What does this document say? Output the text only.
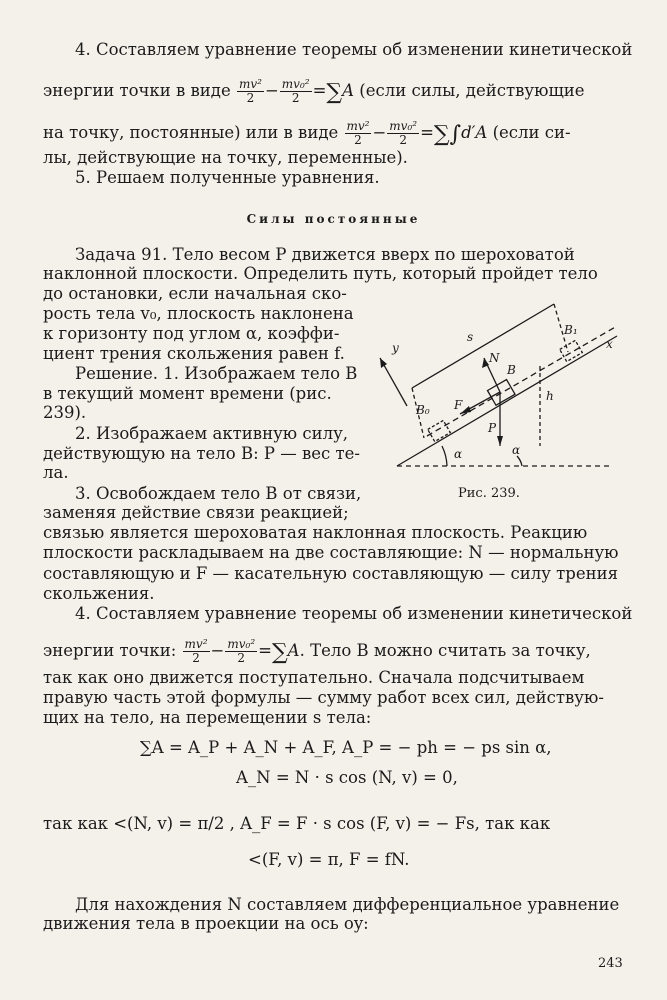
4. Составляем уравнение теоремы об изменении кинетической
энергии точки в виде $\frac{\text{mv²}}{2} - \frac{\text{mv₀²}}{2} =\sum A$ (если силы, действующие
на точку, постоянные) или в виде $\frac{\text{mv²}}{2} - \frac{\text{mv₀²}}{2} =\sum\int d'A$ (если си-
лы, действующие на точку, переменные).
5. Решаем полученные уравнения.
Силы постоянные
Задача 91. Тело весом P движется вверх по шероховатой
наклонной плоскости. Определить путь, который пройдет тело
до остановки, если начальная ско-
рость тела v₀, плоскость наклонена
к горизонту под углом α, коэффи-
циент трения скольжения равен f.
Решение. 1. Изображаем тело B
в текущий момент времени (рис.
239).
2. Изображаем активную силу,
действующую на тело B: P — вес те-
ла.
3. Освобождаем тело B от связи,
заменяя действие связи реакцией;
связью является шероховатая наклонная плоскость. Реакцию
плоскости раскладываем на две составляющие: N — нормальную
составляющую и F — касательную составляющую — силу трения
скольжения.
4. Составляем уравнение теоремы об изменении кинетической
энергии точки: $\frac{\text{mv²}}{2} - \frac{\text{mv₀²}}{2} =\sum A$. Тело B можно считать за точку,
так как оно движется поступательно. Сначала подсчитываем
правую часть этой формулы — сумму работ всех сил, действую-
щих на тело, на перемещении s тела:
∑A = A_P + A_N + A_F, A_P = − ph = − ps sin α,
A_N = N · s cos (N, v) = 0,
так как <(N, v) = π/2 , A_F = F · s cos (F, v) = − Fs, так как
<(F, v) = π, F = fN.
Для нахождения N составляем дифференциальное уравнение
движения тела в проекции на ось oy:
s	B₁
y	x
N
B
h
B₀ F
P
α	α
Рис. 239.
243
